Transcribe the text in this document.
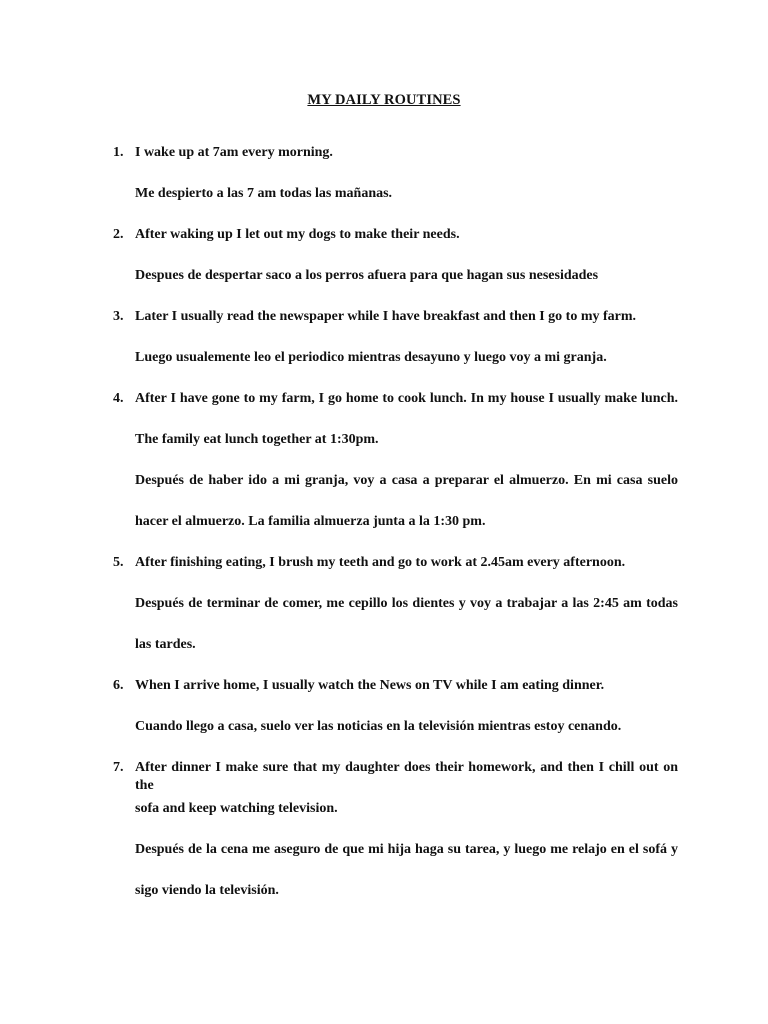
MY DAILY ROUTINES
1. I wake up at 7am every morning.
Me despierto a las 7 am todas las mañanas.
2. After waking up I let out my dogs to make their needs.
Despues de despertar saco a los perros afuera para que hagan sus nesesidades
3. Later I usually read the newspaper while I have breakfast and then I go to my farm.
Luego usualemente leo el periodico mientras desayuno y luego voy a mi granja.
4. After I have gone to my farm, I go home to cook lunch. In my house I usually make lunch.
The family eat lunch together at 1:30pm.
Después de haber ido a mi granja, voy a casa a preparar el almuerzo. En mi casa suelo
hacer el almuerzo. La familia almuerza junta a la 1:30 pm.
5. After finishing eating, I brush my teeth and go to work at 2.45am every afternoon.
Después de terminar de comer, me cepillo los dientes y voy a trabajar a las 2:45 am todas
las tardes.
6. When I arrive home, I usually watch the News on TV while I am eating dinner.
Cuando llego a casa, suelo ver las noticias en la televisión mientras estoy cenando.
7. After dinner I make sure that my daughter does their homework, and then I chill out on the
sofa and keep watching television.
Después de la cena me aseguro de que mi hija haga su tarea, y luego me relajo en el sofá y
sigo viendo la televisión.
